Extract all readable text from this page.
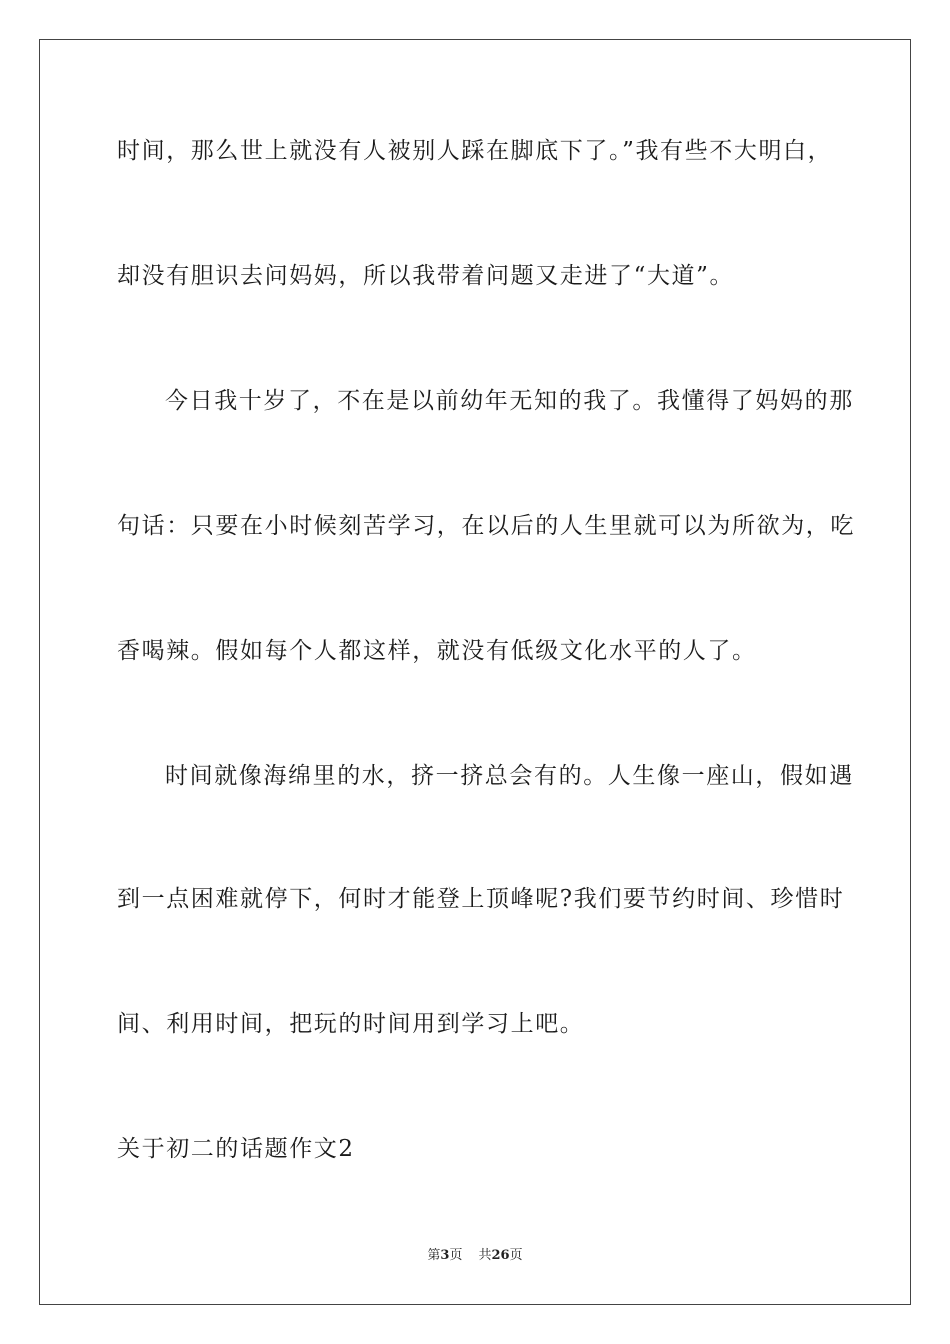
时间，那么世上就没有人被别人踩在脚底下了。”我有些不大明白，
却没有胆识去问妈妈，所以我带着问题又走进了“大道”。
今日我十岁了，不在是以前幼年无知的我了。我懂得了妈妈的那
句话：只要在小时候刻苦学习，在以后的人生里就可以为所欲为，吃
香喝辣。假如每个人都这样，就没有低级文化水平的人了。
时间就像海绵里的水，挤一挤总会有的。人生像一座山，假如遇
到一点困难就停下，何时才能登上顶峰呢?我们要节约时间、珍惜时
间、利用时间，把玩的时间用到学习上吧。
关于初二的话题作文2
第3页 共26页
